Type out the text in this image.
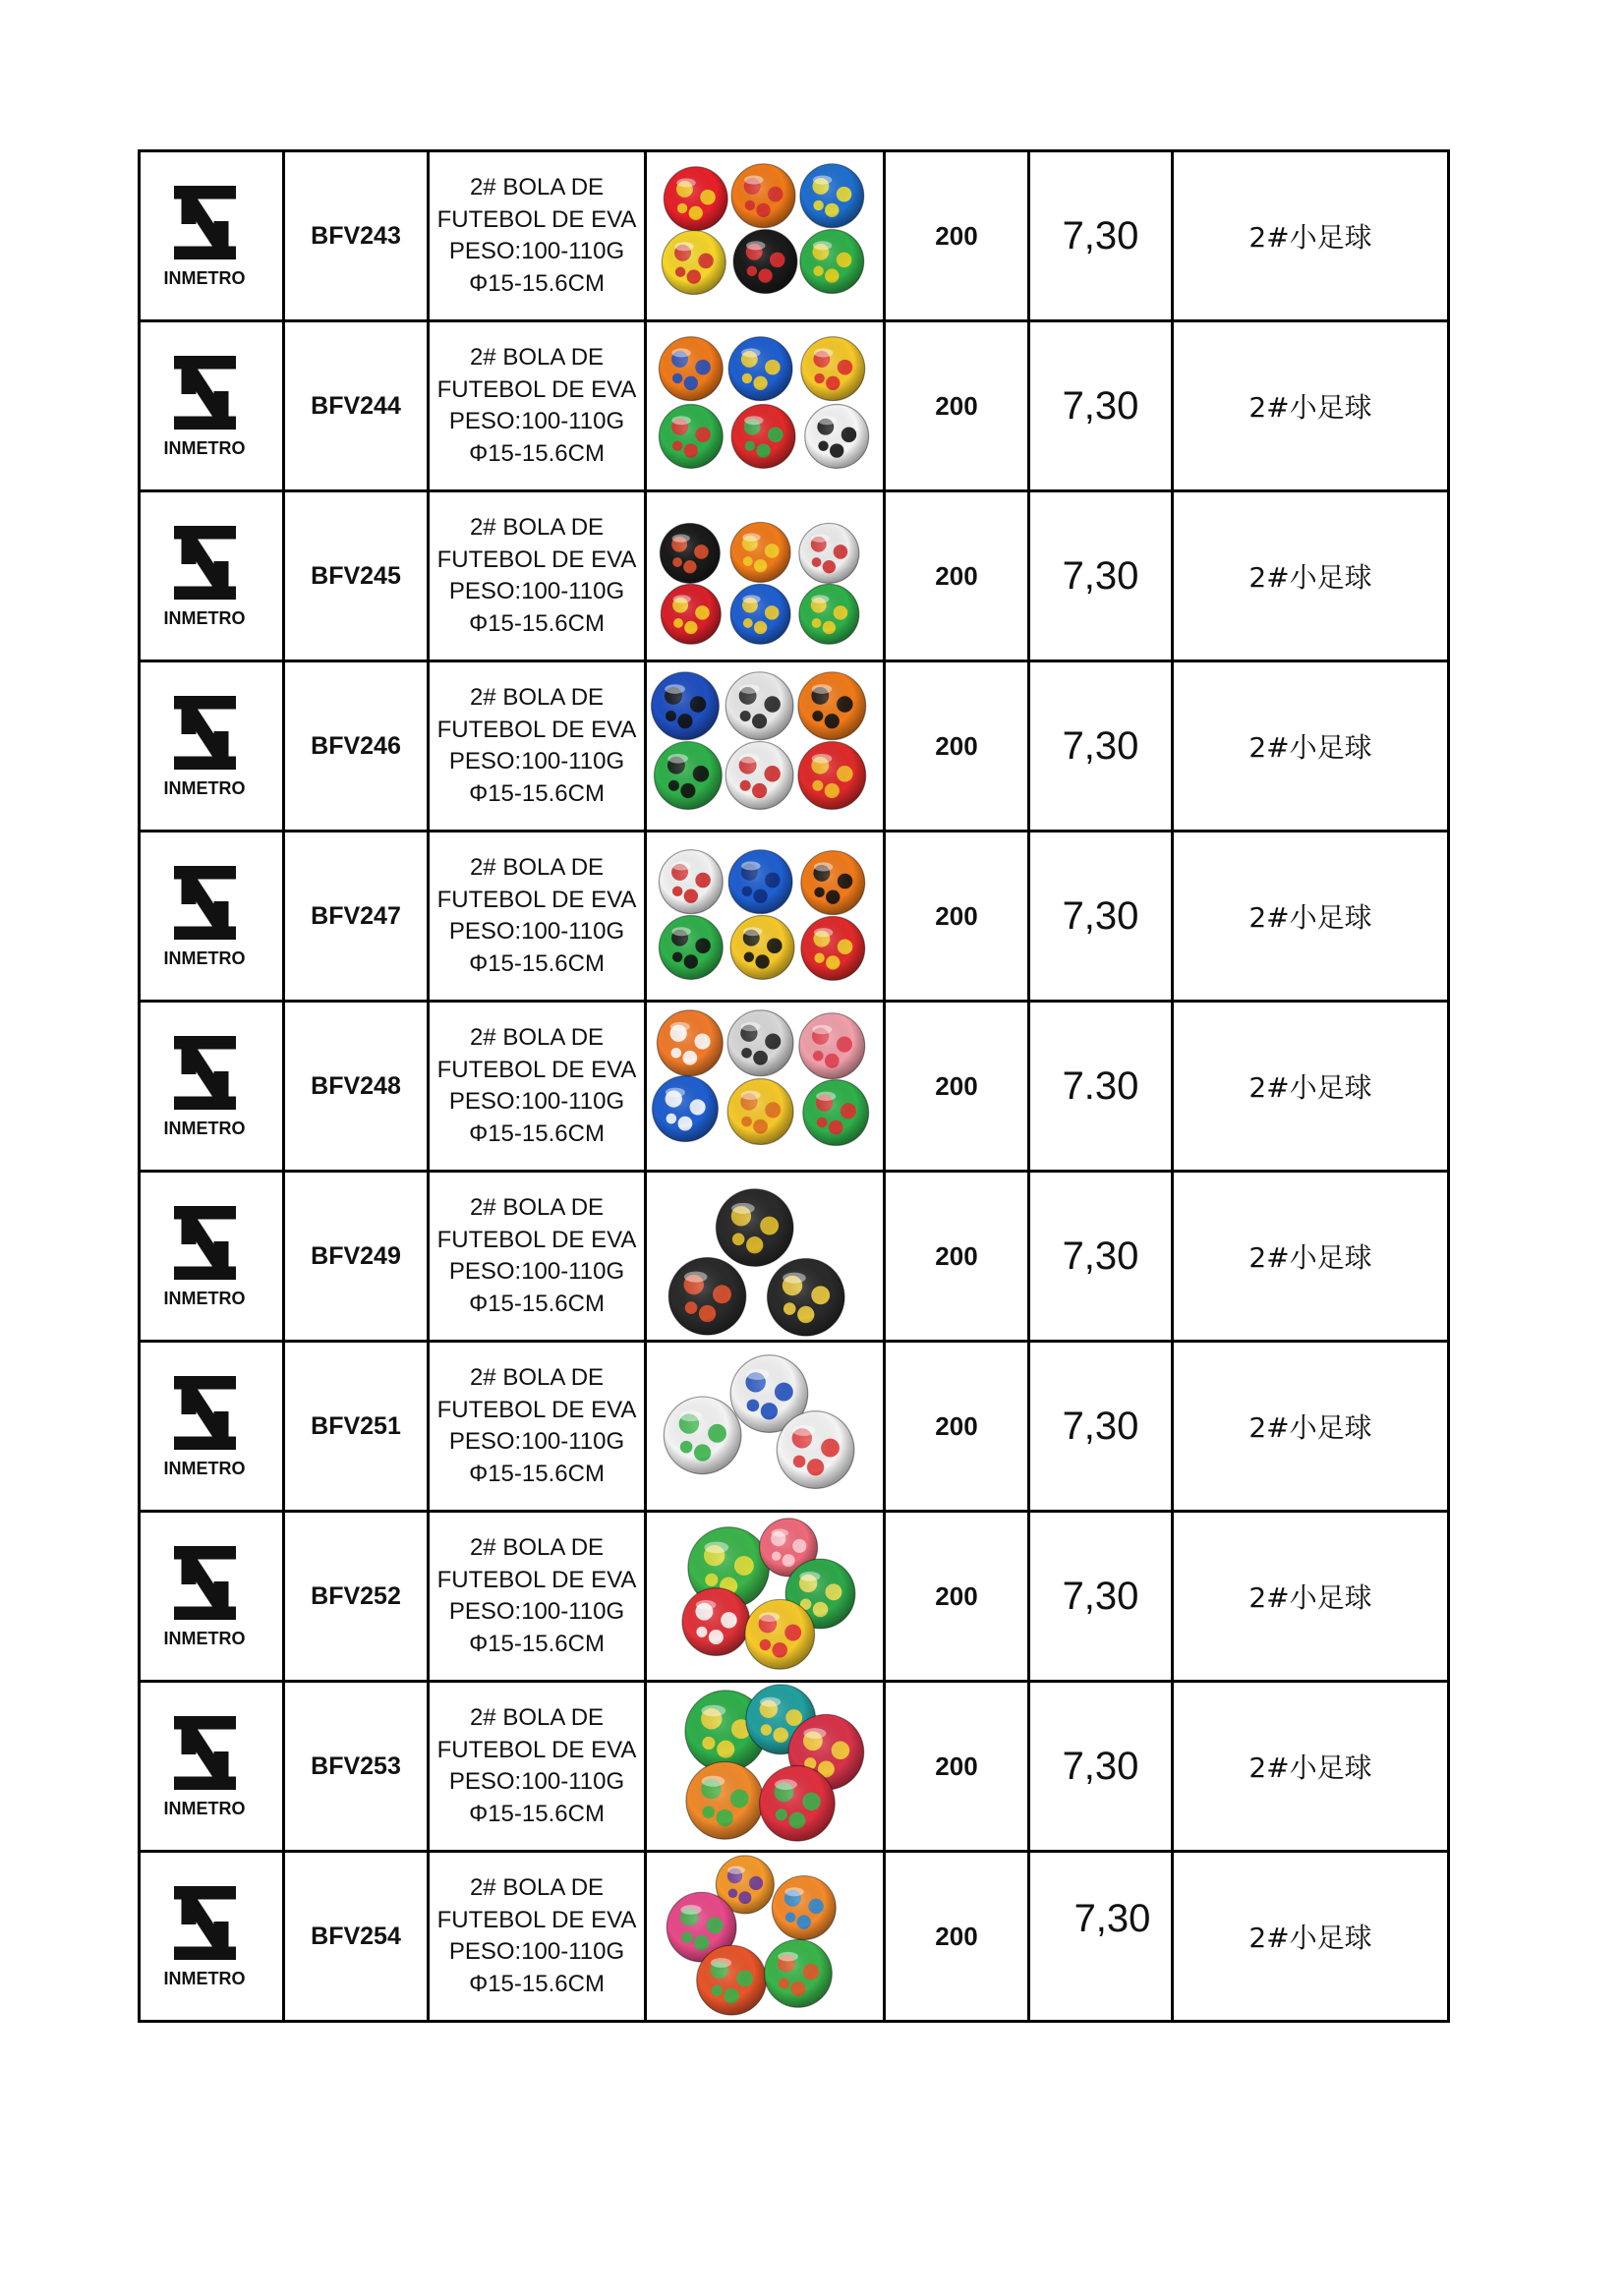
INMETRO	BFV243	2# BOLA DE
FUTEBOL DE EVA
PESO:100-110G
Φ15-15.6CM		200	7,30	2#小足球

INMETRO	BFV244	2# BOLA DE
FUTEBOL DE EVA
PESO:100-110G
Φ15-15.6CM		200	7,30	2#小足球

INMETRO	BFV245	2# BOLA DE
FUTEBOL DE EVA
PESO:100-110G
Φ15-15.6CM		200	7,30	2#小足球

INMETRO	BFV246	2# BOLA DE
FUTEBOL DE EVA
PESO:100-110G
Φ15-15.6CM		200	7,30	2#小足球

INMETRO	BFV247	2# BOLA DE
FUTEBOL DE EVA
PESO:100-110G
Φ15-15.6CM		200	7,30	2#小足球

INMETRO	BFV248	2# BOLA DE
FUTEBOL DE EVA
PESO:100-110G
Φ15-15.6CM		200	7.30	2#小足球

INMETRO	BFV249	2# BOLA DE
FUTEBOL DE EVA
PESO:100-110G
Φ15-15.6CM		200	7,30	2#小足球

INMETRO	BFV251	2# BOLA DE
FUTEBOL DE EVA
PESO:100-110G
Φ15-15.6CM		200	7,30	2#小足球

INMETRO	BFV252	2# BOLA DE
FUTEBOL DE EVA
PESO:100-110G
Φ15-15.6CM		200	7,30	2#小足球

INMETRO	BFV253	2# BOLA DE
FUTEBOL DE EVA
PESO:100-110G
Φ15-15.6CM		200	7,30	2#小足球

INMETRO	BFV254	2# BOLA DE
FUTEBOL DE EVA
PESO:100-110G
Φ15-15.6CM		200	7,30	2#小足球
